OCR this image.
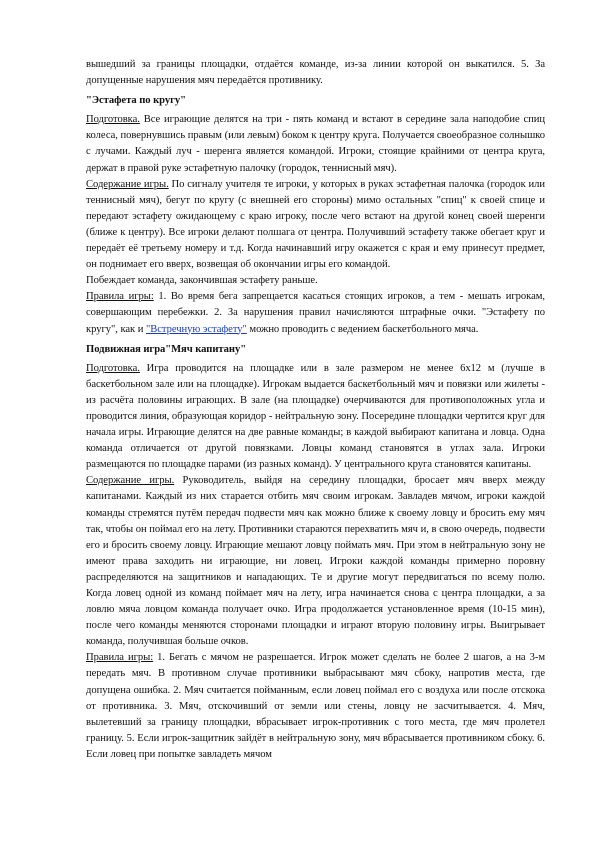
вышедший за границы площадки, отдаётся команде, из-за линии которой он выкатился. 5. За допущенные нарушения мяч передаётся противнику.

"Эстафета по кругу"

Подготовка. Все играющие делятся на три - пять команд и встают в середине зала наподобие спиц колеса, повернувшись правым (или левым) боком к центру круга. Получается своеобразное солнышко с лучами. Каждый луч - шеренга является командой. Игроки, стоящие крайними от центра круга, держат в правой руке эстафетную палочку (городок, теннисный мяч).

Содержание игры. По сигналу учителя те игроки, у которых в руках эстафетная палочка (городок или теннисный мяч), бегут по кругу (с внешней его стороны) мимо остальных "спиц" к своей спице и передают эстафету ожидающему с краю игроку, после чего встают на другой конец своей шеренги (ближе к центру). Все игроки делают полшага от центра. Получивший эстафету также обегает круг и передаёт её третьему номеру и т.д. Когда начинавший игру окажется с края и ему принесут предмет, он поднимает его вверх, возвещая об окончании игры его командой.

Побеждает команда, закончившая эстафету раньше.

Правила игры: 1. Во время бега запрещается касаться стоящих игроков, а тем - мешать игрокам, совершающим перебежки. 2. За нарушения правил начисляются штрафные очки. "Эстафету по кругу", как и "Встречную эстафету" можно проводить с ведением баскетбольного мяча.

Подвижная игра"Мяч капитану"

Подготовка. Игра проводится на площадке или в зале размером не менее 6х12 м (лучше в баскетбольном зале или на площадке). Игрокам выдается баскетбольный мяч и повязки или жилеты - из расчёта половины играющих. В зале (на площадке) очерчиваются для противоположных угла и проводится линия, образующая коридор - нейтральную зону. Посередине площадки чертится круг для начала игры. Играющие делятся на две равные команды; в каждой выбирают капитана и ловца. Одна команда отличается от другой повязками. Ловцы команд становятся в углах зала. Игроки размещаются по площадке парами (из разных команд). У центрального круга становятся капитаны.

Содержание игры. Руководитель, выйдя на середину площадки, бросает мяч вверх между капитанами. Каждый из них старается отбить мяч своим игрокам. Завладев мячом, игроки каждой команды стремятся путём передач подвести мяч как можно ближе к своему ловцу и бросить ему мяч так, чтобы он поймал его на лету. Противники стараются перехватить мяч и, в свою очередь, подвести его и бросить своему ловцу. Играющие мешают ловцу поймать мяч. При этом в нейтральную зону не имеют права заходить ни играющие, ни ловец. Игроки каждой команды примерно поровну распределяются на защитников и нападающих. Те и другие могут передвигаться по всему полю. Когда ловец одной из команд поймает мяч на лету, игра начинается снова с центра площадки, а за ловлю мяча ловцом команда получает очко. Игра продолжается установленное время (10-15 мин), после чего команды меняются сторонами площадки и играют вторую половину игры. Выигрывает команда, получившая больше очков.

Правила игры: 1. Бегать с мячом не разрешается. Игрок может сделать не более 2 шагов, а на 3-м передать мяч. В противном случае противники выбрасывают мяч сбоку, напротив места, где допущена ошибка. 2. Мяч считается пойманным, если ловец поймал его с воздуха или после отскока от противника. 3. Мяч, отскочивший от земли или стены, ловцу не засчитывается. 4. Мяч, вылетевший за границу площадки, вбрасывает игрок-противник с того места, где мяч пролетел границу. 5. Если игрок-защитник зайдёт в нейтральную зону, мяч вбрасывается противником сбоку. 6. Если ловец при попытке завладеть мячом
